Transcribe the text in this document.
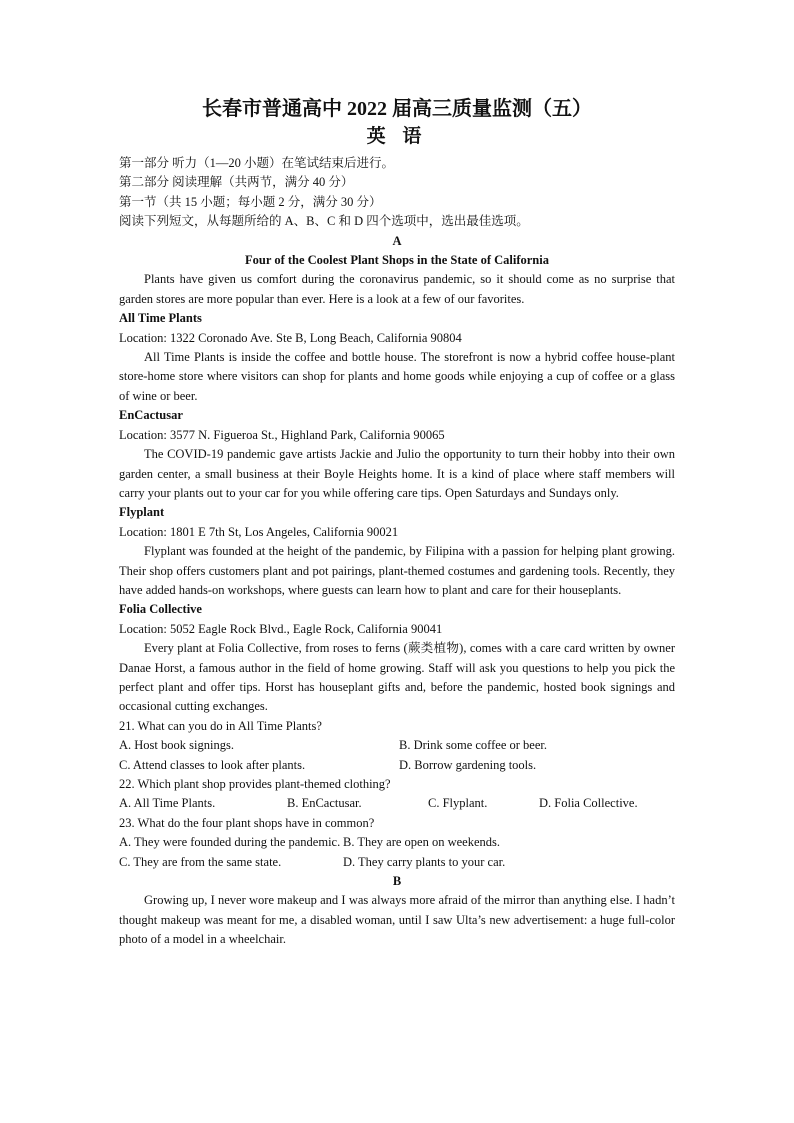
长春市普通高中 2022 届高三质量监测（五）

英 语

第一部分 听力（1—20 小题）在笔试结束后进行。

第二部分 阅读理解（共两节，满分 40 分）

第一节（共 15 小题；每小题 2 分，满分 30 分）

阅读下列短文，从每题所给的 A、B、C 和 D 四个选项中，选出最佳选项。

A

Four of the Coolest Plant Shops in the State of California

Plants have given us comfort during the coronavirus pandemic, so it should come as no surprise that garden stores are more popular than ever. Here is a look at a few of our favorites.

All Time Plants

Location: 1322 Coronado Ave. Ste B, Long Beach, California 90804

All Time Plants is inside the coffee and bottle house. The storefront is now a hybrid coffee house-plant store-home store where visitors can shop for plants and home goods while enjoying a cup of coffee or a glass of wine or beer.

EnCactusar

Location: 3577 N. Figueroa St., Highland Park, California 90065

The COVID-19 pandemic gave artists Jackie and Julio the opportunity to turn their hobby into their own garden center, a small business at their Boyle Heights home. It is a kind of place where staff members will carry your plants out to your car for you while offering care tips. Open Saturdays and Sundays only.

Flyplant

Location: 1801 E 7th St, Los Angeles, California 90021

Flyplant was founded at the height of the pandemic, by Filipina with a passion for helping plant growing. Their shop offers customers plant and pot pairings, plant-themed costumes and gardening tools. Recently, they have added hands-on workshops, where guests can learn how to plant and care for their houseplants.

Folia Collective

Location: 5052 Eagle Rock Blvd., Eagle Rock, California 90041

Every plant at Folia Collective, from roses to ferns (蕨类植物), comes with a care card written by owner Danae Horst, a famous author in the field of home growing. Staff will ask you questions to help you pick the perfect plant and offer tips. Horst has houseplant gifts and, before the pandemic, hosted book signings and occasional cutting exchanges.

21. What can you do in All Time Plants?

A. Host book signings.	B. Drink some coffee or beer.
C. Attend classes to look after plants.	D. Borrow gardening tools.

22. Which plant shop provides plant-themed clothing?

A. All Time Plants.	B. EnCactusar.	C. Flyplant.	D. Folia Collective.

23. What do the four plant shops have in common?

A. They were founded during the pandemic. B. They are open on weekends.
C. They are from the same state.	D. They carry plants to your car.

B

Growing up, I never wore makeup and I was always more afraid of the mirror than anything else. I hadn’t thought makeup was meant for me, a disabled woman, until I saw Ulta’s new advertisement: a huge full-color photo of a model in a wheelchair.
